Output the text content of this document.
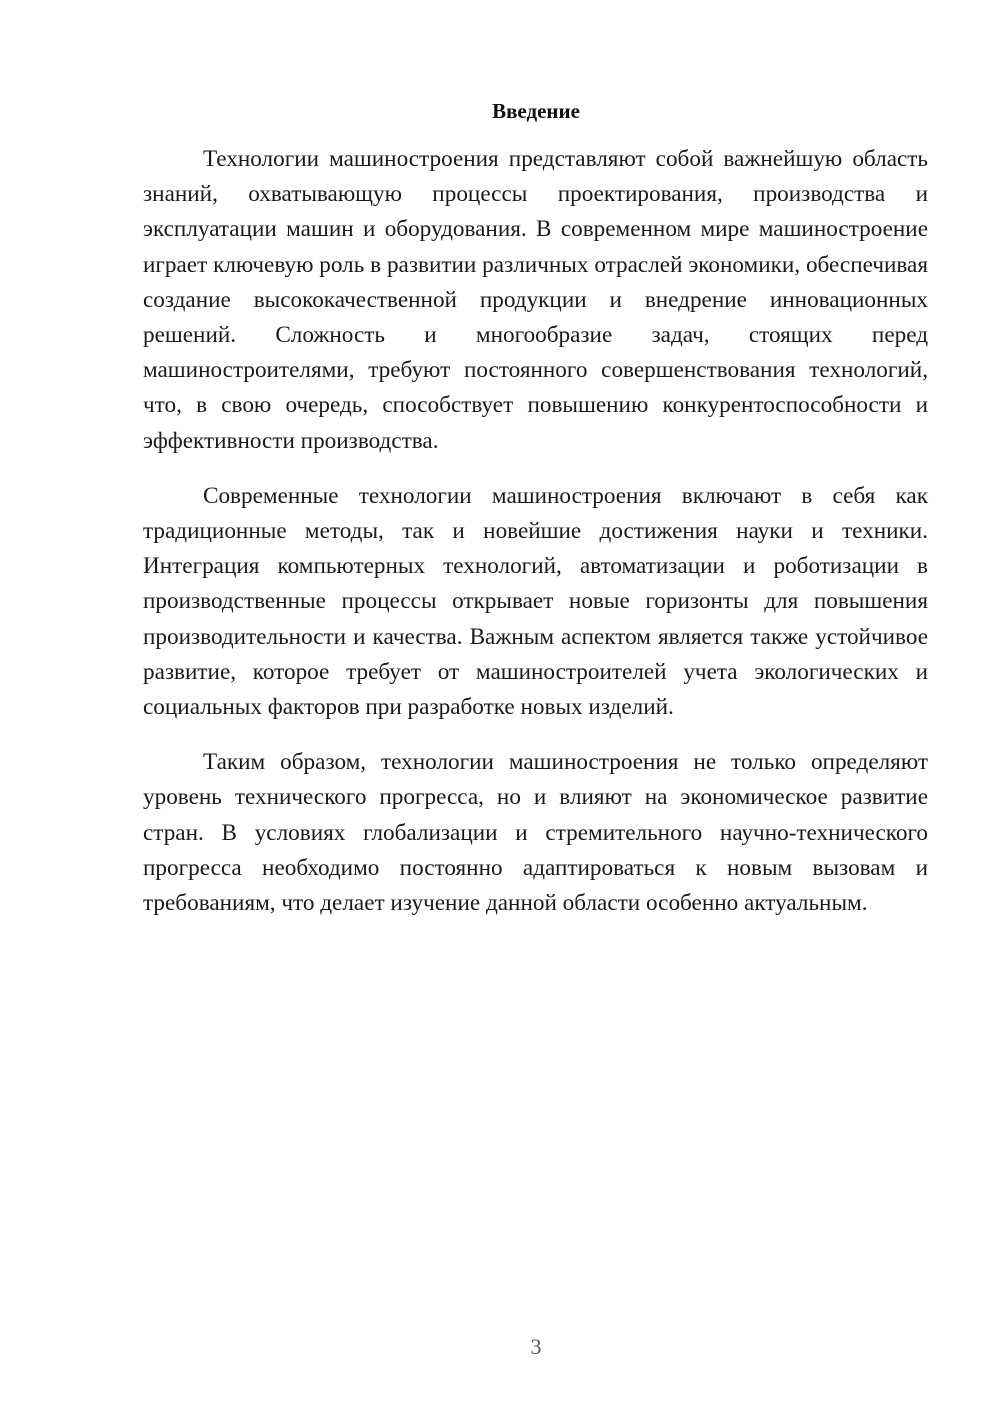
Введение

Технологии машиностроения представляют собой важнейшую область знаний, охватывающую процессы проектирования, производства и эксплуатации машин и оборудования. В современном мире машиностроение играет ключевую роль в развитии различных отраслей экономики, обеспечивая создание высококачественной продукции и внедрение инновационных решений. Сложность и многообразие задач, стоящих перед машиностроителями, требуют постоянного совершенствования технологий, что, в свою очередь, способствует повышению конкурентоспособности и эффективности производства.

Современные технологии машиностроения включают в себя как традиционные методы, так и новейшие достижения науки и техники. Интеграция компьютерных технологий, автоматизации и роботизации в производственные процессы открывает новые горизонты для повышения производительности и качества. Важным аспектом является также устойчивое развитие, которое требует от машиностроителей учета экологических и социальных факторов при разработке новых изделий.

Таким образом, технологии машиностроения не только определяют уровень технического прогресса, но и влияют на экономическое развитие стран. В условиях глобализации и стремительного научно-технического прогресса необходимо постоянно адаптироваться к новым вызовам и требованиям, что делает изучение данной области особенно актуальным.

3
